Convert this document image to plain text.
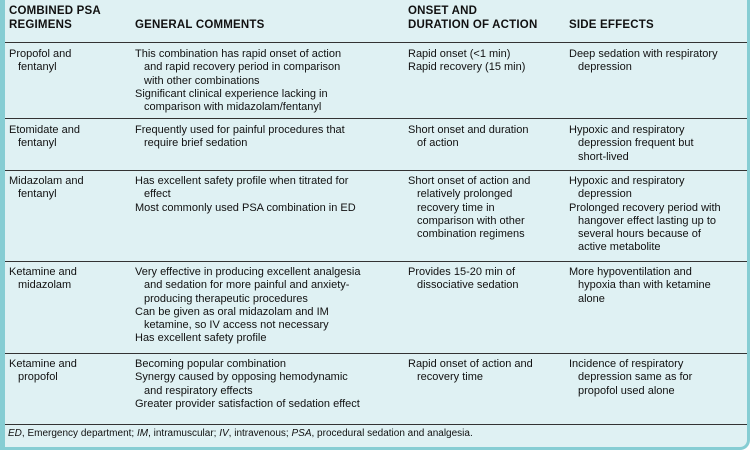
COMBINED PSA
REGIMENS
	GENERAL COMMENTS
ONSET AND
DURATION OF ACTION
	SIDE EFFECTS
Propofol and
fentanyl
This combination has rapid onset of action
and rapid recovery period in comparison
with other combinations
Significant clinical experience lacking in
comparison with midazolam/fentanyl
Rapid onset (<1 min)
Rapid recovery (15 min)
Deep sedation with respiratory
depression
Etomidate and
fentanyl
Frequently used for painful procedures that
require brief sedation
Short onset and duration
of action
Hypoxic and respiratory
depression frequent but
short-lived
Midazolam and
fentanyl
Has excellent safety profile when titrated for
effect
Most commonly used PSA combination in ED
Short onset of action and
relatively prolonged
recovery time in
comparison with other
combination regimens
Hypoxic and respiratory
depression
Prolonged recovery period with
hangover effect lasting up to
several hours because of
active metabolite
Ketamine and
midazolam
Very effective in producing excellent analgesia
and sedation for more painful and anxiety-
producing therapeutic procedures
Can be given as oral midazolam and IM
ketamine, so IV access not necessary
Has excellent safety profile
Provides 15-20 min of
dissociative sedation
More hypoventilation and
hypoxia than with ketamine
alone
Ketamine and
propofol
Becoming popular combination
Synergy caused by opposing hemodynamic
and respiratory effects
Greater provider satisfaction of sedation effect
Rapid onset of action and
recovery time
Incidence of respiratory
depression same as for
propofol used alone
ED, Emergency department; IM, intramuscular; IV, intravenous; PSA, procedural sedation and analgesia.
